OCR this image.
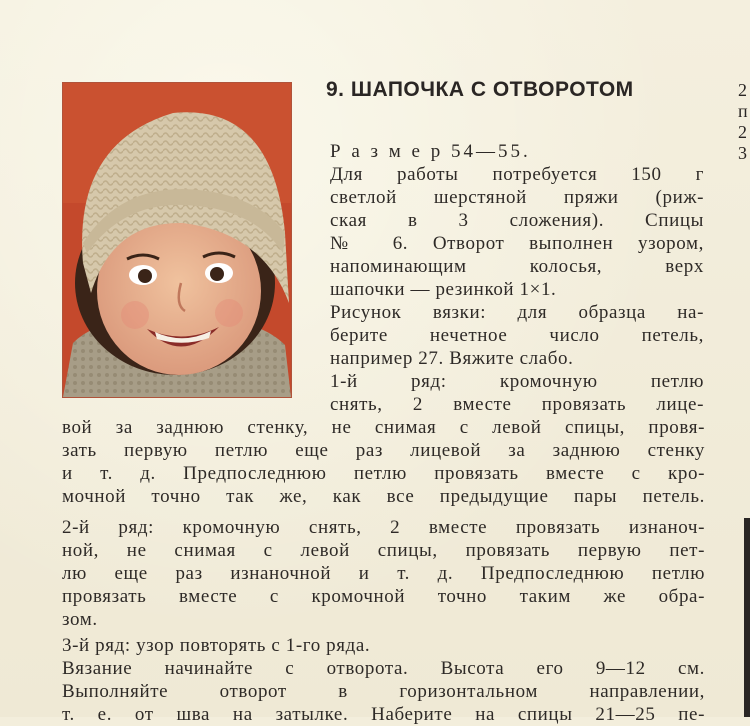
9. ШАПОЧКА С ОТВОРОТОМ	2
п
2
3
Р а з м е р 54—55.
Для работы потребуется 150 г
светлой шерстяной пряжи (риж-
ская в 3 сложения). Спицы
№ 6. Отворот выполнен узором,
напоминающим колосья, верх
шапочки — резинкой 1×1.
Рисунок вязки: для образца на-
берите нечетное число петель,
например 27. Вяжите слабо.
1-й ряд: кромочную петлю
снять, 2 вместе провязать лице-
вой за заднюю стенку, не снимая с левой спицы, провя-
зать первую петлю еще раз лицевой за заднюю стенку
и т. д. Предпоследнюю петлю провязать вместе с кро-
мочной точно так же, как все предыдущие пары петель.
2-й ряд: кромочную снять, 2 вместе провязать изнаноч-
ной, не снимая с левой спицы, провязать первую пет-
лю еще раз изнаночной и т. д. Предпоследнюю петлю
провязать вместе с кромочной точно таким же обра-
зом.
3-й ряд: узор повторять с 1-го ряда.
Вязание начинайте с отворота. Высота его 9—12 см.
Выполняйте отворот в горизонтальном направлении,
т. е. от шва на затылке. Наберите на спицы 21—25 пе-
